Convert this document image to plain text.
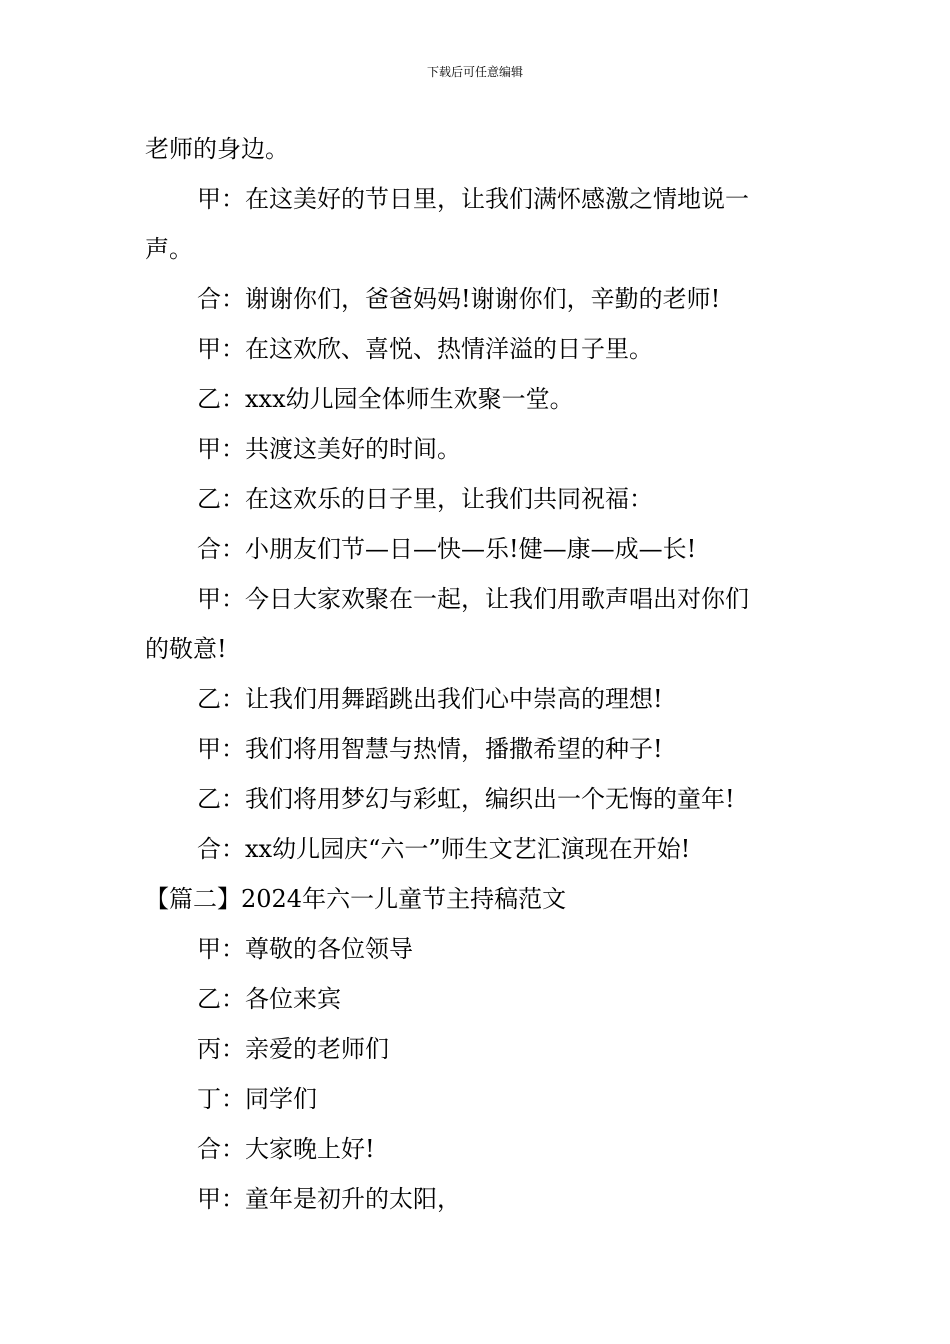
下载后可任意编辑

老师的身边。

甲：在这美好的节日里，让我们满怀感激之情地说一

声。

合：谢谢你们，爸爸妈妈!谢谢你们，辛勤的老师!

甲：在这欢欣、喜悦、热情洋溢的日子里。

乙：xxx幼儿园全体师生欢聚一堂。

甲：共渡这美好的时间。

乙：在这欢乐的日子里，让我们共同祝福：

合：小朋友们节—日—快—乐!健—康—成—长!

甲：今日大家欢聚在一起，让我们用歌声唱出对你们

的敬意!

乙：让我们用舞蹈跳出我们心中崇高的理想!

甲：我们将用智慧与热情，播撒希望的种子!

乙：我们将用梦幻与彩虹，编织出一个无悔的童年!

合：xx幼儿园庆“六一”师生文艺汇演现在开始!

【篇二】2024年六一儿童节主持稿范文

甲：尊敬的各位领导

乙：各位来宾

丙：亲爱的老师们

丁：同学们

合：大家晚上好!

甲：童年是初升的太阳，
